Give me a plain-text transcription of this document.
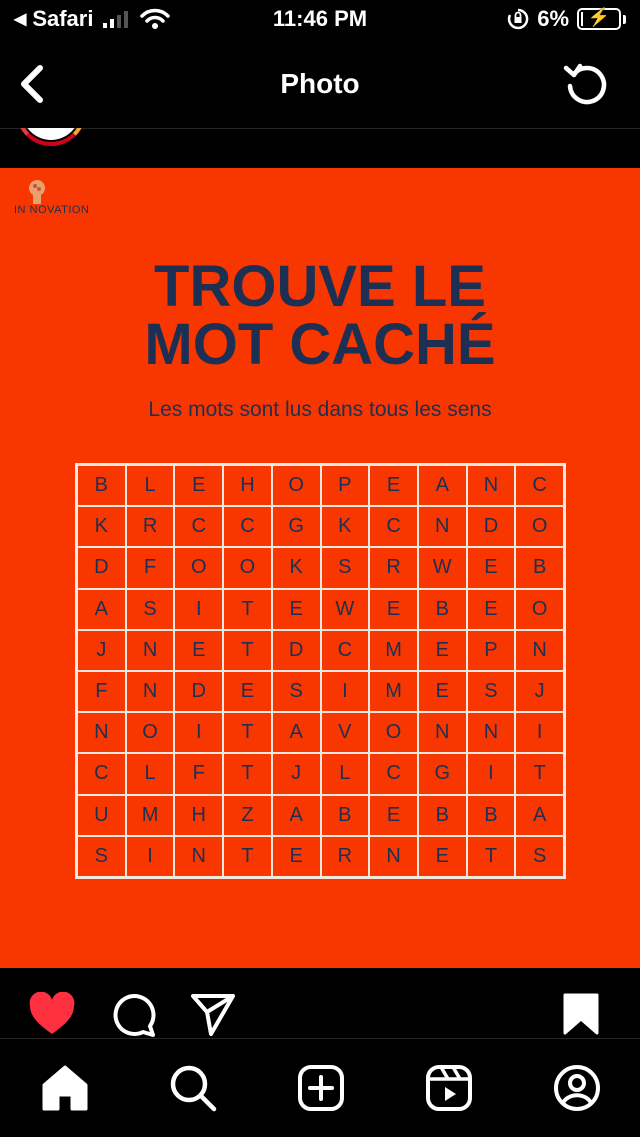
◀ Safari	11:46 PM	6%	⚡
Photo
IN NOVATION
TROUVE LE
MOT CACHÉ
Les mots sont lus dans tous les sens
B	L	E	H	O	P	E	A	N	C
K	R	C	C	G	K	C	N	D	O
D	F	O	O	K	S	R	W	E	B
A	S	I	T	E	W	E	B	E	O
J	N	E	T	D	C	M	E	P	N
F	N	D	E	S	I	M	E	S	J
N	O	I	T	A	V	O	N	N	I
C	L	F	T	J	L	C	G	I	T
U	M	H	Z	A	B	E	B	B	A
S	I	N	T	E	R	N	E	T	S
